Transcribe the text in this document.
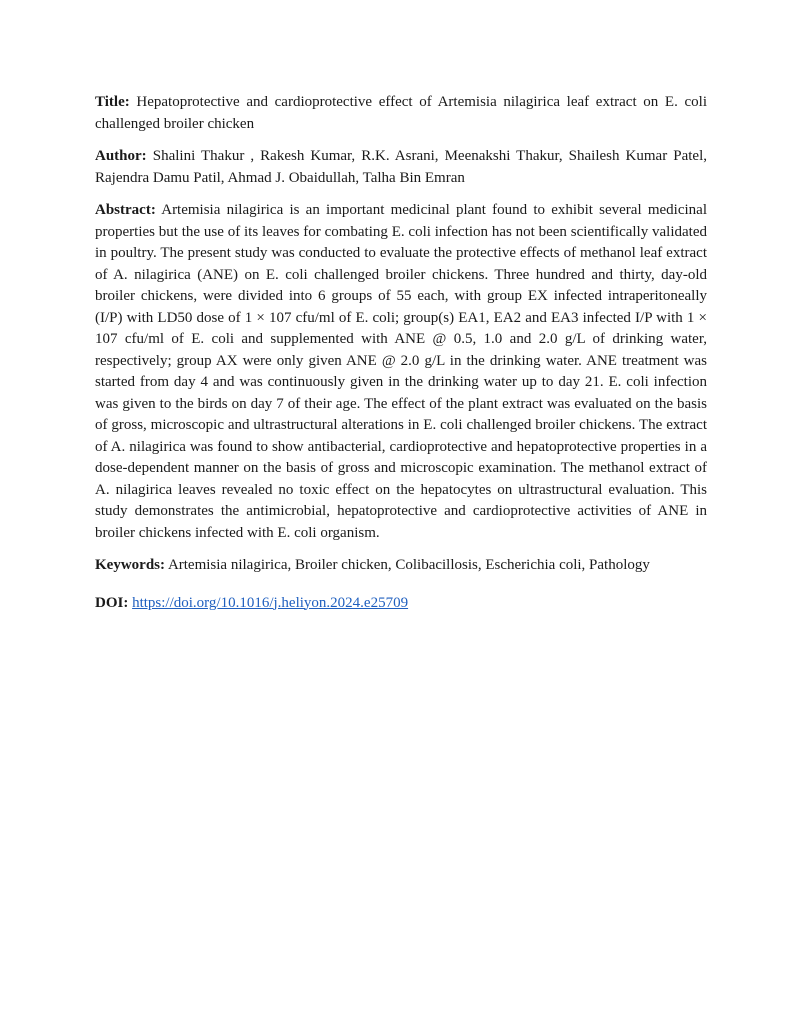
Title: Hepatoprotective and cardioprotective effect of Artemisia nilagirica leaf extract on E. coli challenged broiler chicken

Author: Shalini Thakur , Rakesh Kumar, R.K. Asrani, Meenakshi Thakur, Shailesh Kumar Patel, Rajendra Damu Patil, Ahmad J. Obaidullah, Talha Bin Emran

Abstract: Artemisia nilagirica is an important medicinal plant found to exhibit several medicinal properties but the use of its leaves for combating E. coli infection has not been scientifically validated in poultry. The present study was conducted to evaluate the protective effects of methanol leaf extract of A. nilagirica (ANE) on E. coli challenged broiler chickens. Three hundred and thirty, day-old broiler chickens, were divided into 6 groups of 55 each, with group EX infected intraperitoneally (I/P) with LD50 dose of 1 × 107 cfu/ml of E. coli; group(s) EA1, EA2 and EA3 infected I/P with 1 × 107 cfu/ml of E. coli and supplemented with ANE @ 0.5, 1.0 and 2.0 g/L of drinking water, respectively; group AX were only given ANE @ 2.0 g/L in the drinking water. ANE treatment was started from day 4 and was continuously given in the drinking water up to day 21. E. coli infection was given to the birds on day 7 of their age. The effect of the plant extract was evaluated on the basis of gross, microscopic and ultrastructural alterations in E. coli challenged broiler chickens. The extract of A. nilagirica was found to show antibacterial, cardioprotective and hepatoprotective properties in a dose-dependent manner on the basis of gross and microscopic examination. The methanol extract of A. nilagirica leaves revealed no toxic effect on the hepatocytes on ultrastructural evaluation. This study demonstrates the antimicrobial, hepatoprotective and cardioprotective activities of ANE in broiler chickens infected with E. coli organism.

Keywords: Artemisia nilagirica, Broiler chicken, Colibacillosis, Escherichia coli, Pathology

DOI: https://doi.org/10.1016/j.heliyon.2024.e25709
